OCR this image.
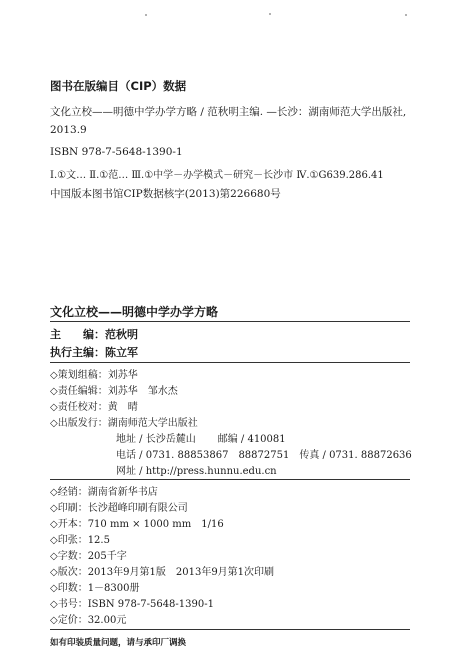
图书在版编目（CIP）数据
文化立校——明德中学办学方略 / 范秋明主编. —长沙：湖南师范大学出版社,
2013.9
ISBN 978-7-5648-1390-1
Ⅰ.①文… Ⅱ.①范… Ⅲ.①中学－办学模式－研究－长沙市 Ⅳ.①G639.286.41
中国版本图书馆CIP数据核字(2013)第226680号
文化立校——明德中学办学方略
主　　编：范秋明
执行主编：陈立军
◇策划组稿：刘苏华
◇责任编辑：刘苏华 邹水杰
◇责任校对：黄 晴
◇出版发行：湖南师范大学出版社
地址 / 长沙岳麓山 邮编 / 410081
电话 / 0731. 88853867 88872751 传真 / 0731. 88872636
网址 / http://press.hunnu.edu.cn
◇经销：湖南省新华书店
◇印刷：长沙超峰印刷有限公司
◇开本：710 mm × 1000 mm 1/16
◇印张：12.5
◇字数：205千字
◇版次：2013年9月第1版 2013年9月第1次印刷
◇印数：1－8300册
◇书号：ISBN 978-7-5648-1390-1
◇定价：32.00元
如有印装质量问题，请与承印厂调换
